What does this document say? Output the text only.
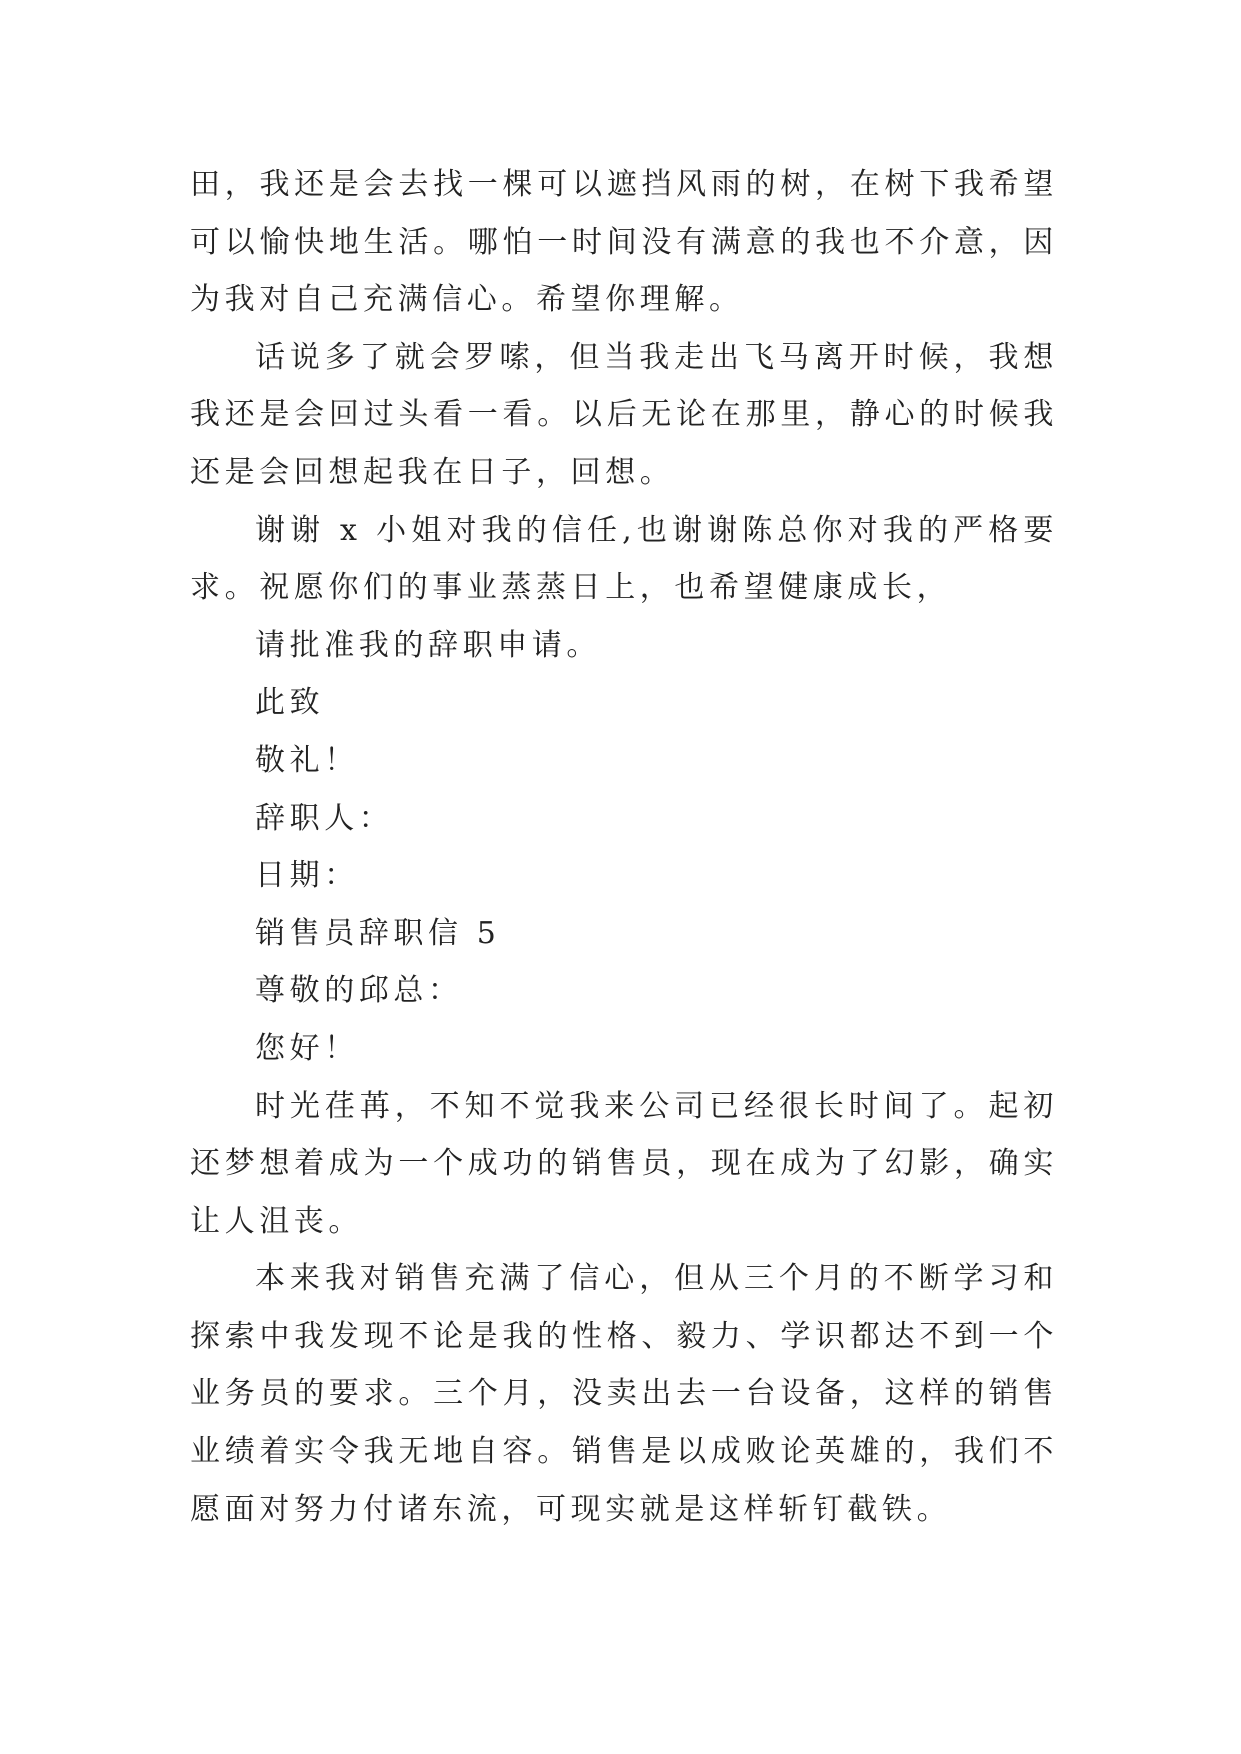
田，我还是会去找一棵可以遮挡风雨的树，在树下我希望可以愉快地生活。哪怕一时间没有满意的我也不介意，因为我对自己充满信心。希望你理解。

话说多了就会罗嗦，但当我走出飞马离开时候，我想我还是会回过头看一看。以后无论在那里，静心的时候我还是会回想起我在日子，回想。

谢谢 x 小姐对我的信任,也谢谢陈总你对我的严格要求。祝愿你们的事业蒸蒸日上，也希望健康成长，

请批准我的辞职申请。

此致

敬礼！

辞职人：

日期：

销售员辞职信 5

尊敬的邱总：

您好！

时光荏苒，不知不觉我来公司已经很长时间了。起初还梦想着成为一个成功的销售员，现在成为了幻影，确实让人沮丧。

本来我对销售充满了信心，但从三个月的不断学习和探索中我发现不论是我的性格、毅力、学识都达不到一个业务员的要求。三个月，没卖出去一台设备，这样的销售业绩着实令我无地自容。销售是以成败论英雄的，我们不愿面对努力付诸东流，可现实就是这样斩钉截铁。
